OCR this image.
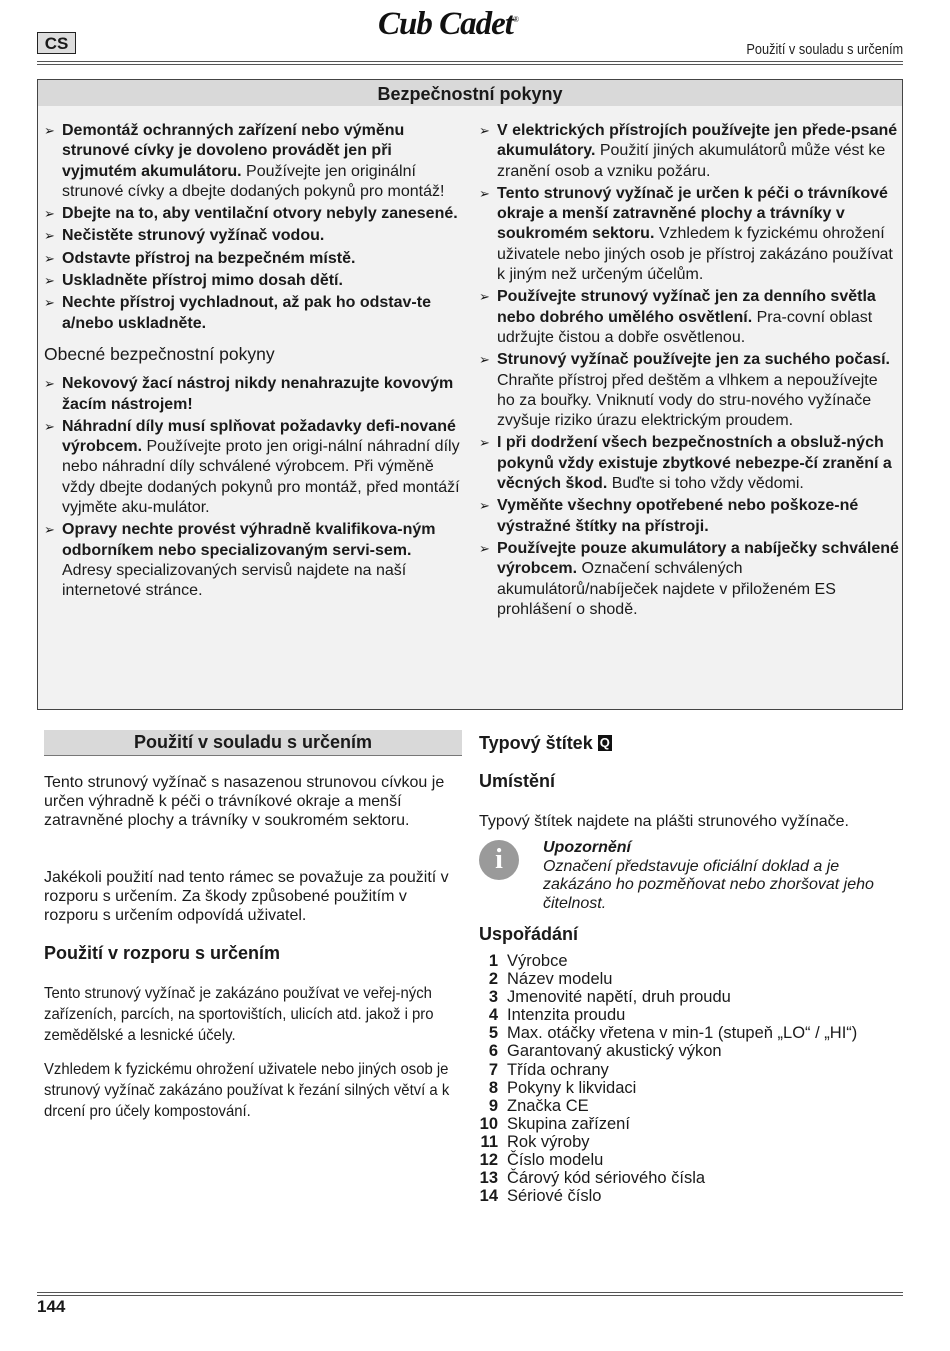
CS
Cub Cadet®
Použití v souladu s určením
Bezpečnostní pokyny
➢ Demontáž ochranných zařízení nebo výměnu strunové cívky je dovoleno provádět jen při vyjmutém akumulátoru. Používejte jen originální strunové cívky a dbejte dodaných pokynů pro montáž!
➢ Dbejte na to, aby ventilační otvory nebyly zanesené.
➢ Nečistěte strunový vyžínač vodou.
➢ Odstavte přístroj na bezpečném místě.
➢ Uskladněte přístroj mimo dosah dětí.
➢ Nechte přístroj vychladnout, až pak ho odstav-te a/nebo uskladněte.
Obecné bezpečnostní pokyny
➢ Nekovový žací nástroj nikdy nenahrazujte kovovým žacím nástrojem!
➢ Náhradní díly musí splňovat požadavky defi-nované výrobcem. Používejte proto jen origi-nální náhradní díly nebo náhradní díly schválené výrobcem. Při výměně vždy dbejte dodaných pokynů pro montáž, před montáží vyjměte aku-mulátor.
➢ Opravy nechte provést výhradně kvalifikova-ným odborníkem nebo specializovaným servi-sem. Adresy specializovaných servisů najdete na naší internetové stránce.
➢ V elektrických přístrojích používejte jen přede-psané akumulátory. Použití jiných akumulátorů může vést ke zranění osob a vzniku požáru.
➢ Tento strunový vyžínač je určen k péči o trávníkové okraje a menší zatravněné plochy a trávníky v soukromém sektoru. Vzhledem k fyzickému ohrožení uživatele nebo jiných osob je přístroj zakázáno používat k jiným než určeným účelům.
➢ Používejte strunový vyžínač jen za denního světla nebo dobrého umělého osvětlení. Pra-covní oblast udržujte čistou a dobře osvětlenou.
➢ Strunový vyžínač používejte jen za suchého počasí. Chraňte přístroj před deštěm a vlhkem a nepoužívejte ho za bouřky. Vniknutí vody do stru-nového vyžínače zvyšuje riziko úrazu elektrickým proudem.
➢ I při dodržení všech bezpečnostních a obsluž-ných pokynů vždy existuje zbytkové nebezpe-čí zranění a věcných škod. Buďte si toho vždy vědomi.
➢ Vyměňte všechny opotřebené nebo poškoze-né výstražné štítky na přístroji.
➢ Používejte pouze akumulátory a nabíječky schválené výrobcem. Označení schválených akumulátorů/nabíječek najdete v přiloženém ES prohlášení o shodě.
Použití v souladu s určením
Tento strunový vyžínač s nasazenou strunovou cívkou je určen výhradně k péči o trávníkové okraje a menší zatravněné plochy a trávníky v soukromém sektoru.
Jakékoli použití nad tento rámec se považuje za použití v rozporu s určením. Za škody způsobené použitím v rozporu s určením odpovídá uživatel.
Použití v rozporu s určením
Tento strunový vyžínač je zakázáno používat ve veřej-ných zařízeních, parcích, na sportovištích, ulicích atd. jakož i pro zemědělské a lesnické účely.
Vzhledem k fyzickému ohrožení uživatele nebo jiných osob je strunový vyžínač zakázáno používat k řezání silných větví a k drcení pro účely kompostování.
Typový štítek Q
Umístění
Typový štítek najdete na plášti strunového vyžínače.
i	Upozornění
Označení představuje oficiální doklad a je zakázáno ho pozměňovat nebo zhoršovat jeho čitelnost.
Uspořádání
1	Výrobce
2	Název modelu
3	Jmenovité napětí, druh proudu
4	Intenzita proudu
5	Max. otáčky vřetena v min-1 (stupeň „LO“ / „HI“)
6	Garantovaný akustický výkon
7	Třída ochrany
8	Pokyny k likvidaci
9	Značka CE
10	Skupina zařízení
11	Rok výroby
12	Číslo modelu
13	Čárový kód sériového čísla
14	Sériové číslo
144
